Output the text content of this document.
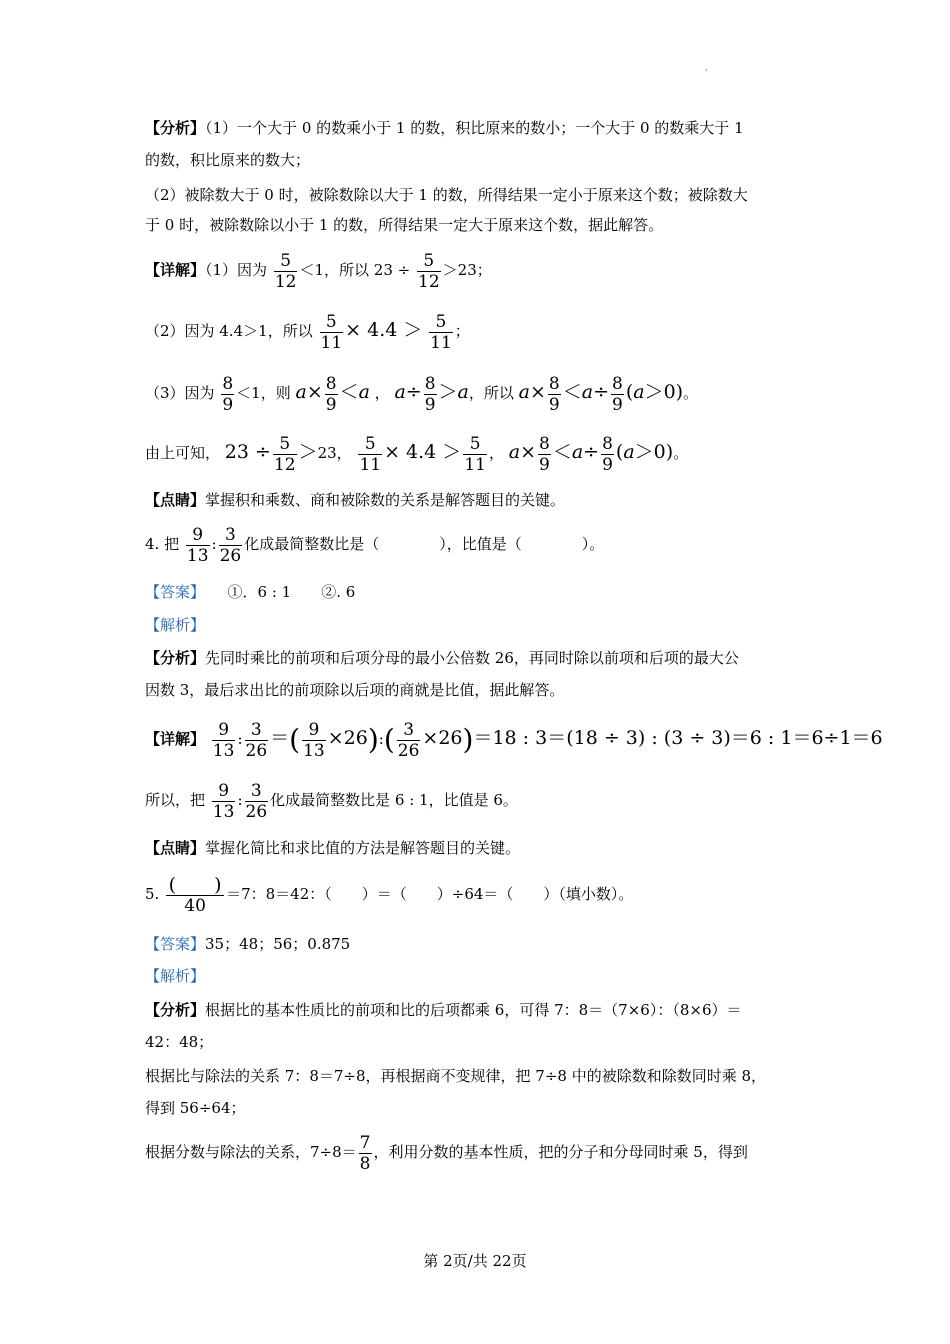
·
【分析】（1）一个大于 0 的数乘小于 1 的数，积比原来的数小；一个大于 0 的数乘大于 1
的数，积比原来的数大；
（2）被除数大于 0 时，被除数除以大于 1 的数，所得结果一定小于原来这个数；被除数大
于 0 时，被除数除以小于 1 的数，所得结果一定大于原来这个数，据此解答。
【详解】（1）因为 $\frac{5}{12} <1$，所以 $23 \div \frac{5}{12} >23$；
（2）因为 4.4＞1，所以 $\frac{5}{11} \times 4.4 > \frac{5}{11}$ ；
（3）因为 $\frac{8}{9} <1$，则 $a\times \frac{8}{9} <a$ ， $a\div \frac{8}{9} >a$，所以 $a\times \frac{8}{9} <a\div \frac{8}{9} (a>0)$。
由上可知， $23 \div \frac{5}{12} >23$， $\frac{5}{11} \times 4.4 > \frac{5}{11}$ ， $a\times \frac{8}{9} <a\div \frac{8}{9} (a>0)$。
【点睛】掌握积和乘数、商和被除数的关系是解答题目的关键。
4. 把 $\frac{9}{13}$ : $\frac{3}{26}$ 化成最简整数比是（　　　　），比值是（　　　　）。
【答案】　　 ①．6 : 1　　②. 6
【解析】
【分析】先同时乘比的前项和后项分母的最小公倍数 26，再同时除以前项和后项的最大公
因数 3，最后求出比的前项除以后项的商就是比值，据此解答。
【详解】 $\frac{9}{13}$ : $\frac{3}{26}$ ＝( $\frac{9}{13}$ ×26):( $\frac{3}{26} \times 26)=18$ : 3＝(18 ÷ 3) : (3 ÷ 3)＝6 : 1＝6÷1＝6
所以，把 $\frac{9}{13}$ : $\frac{3}{26}$ 化成最简整数比是 6 : 1，比值是 6。
【点睛】掌握化简比和求比值的方法是解答题目的关键。
5. $\frac{( )}{40} =7$：8＝42：（　　）＝（　　）÷64＝（　　）（填小数）。
【答案】35；48；56；0.875
【解析】
【分析】根据比的基本性质比的前项和比的后项都乘 6，可得 7：8＝（7×6）：（8×6）＝
42：48；
根据比与除法的关系 7：8＝7÷8，再根据商不变规律，把 7÷8 中的被除数和除数同时乘 8，
得到 56÷64；
根据分数与除法的关系，$7\div 8= \frac{7}{8}$ ，利用分数的基本性质，把的分子和分母同时乘 5，得到
第 2页/共 22页
